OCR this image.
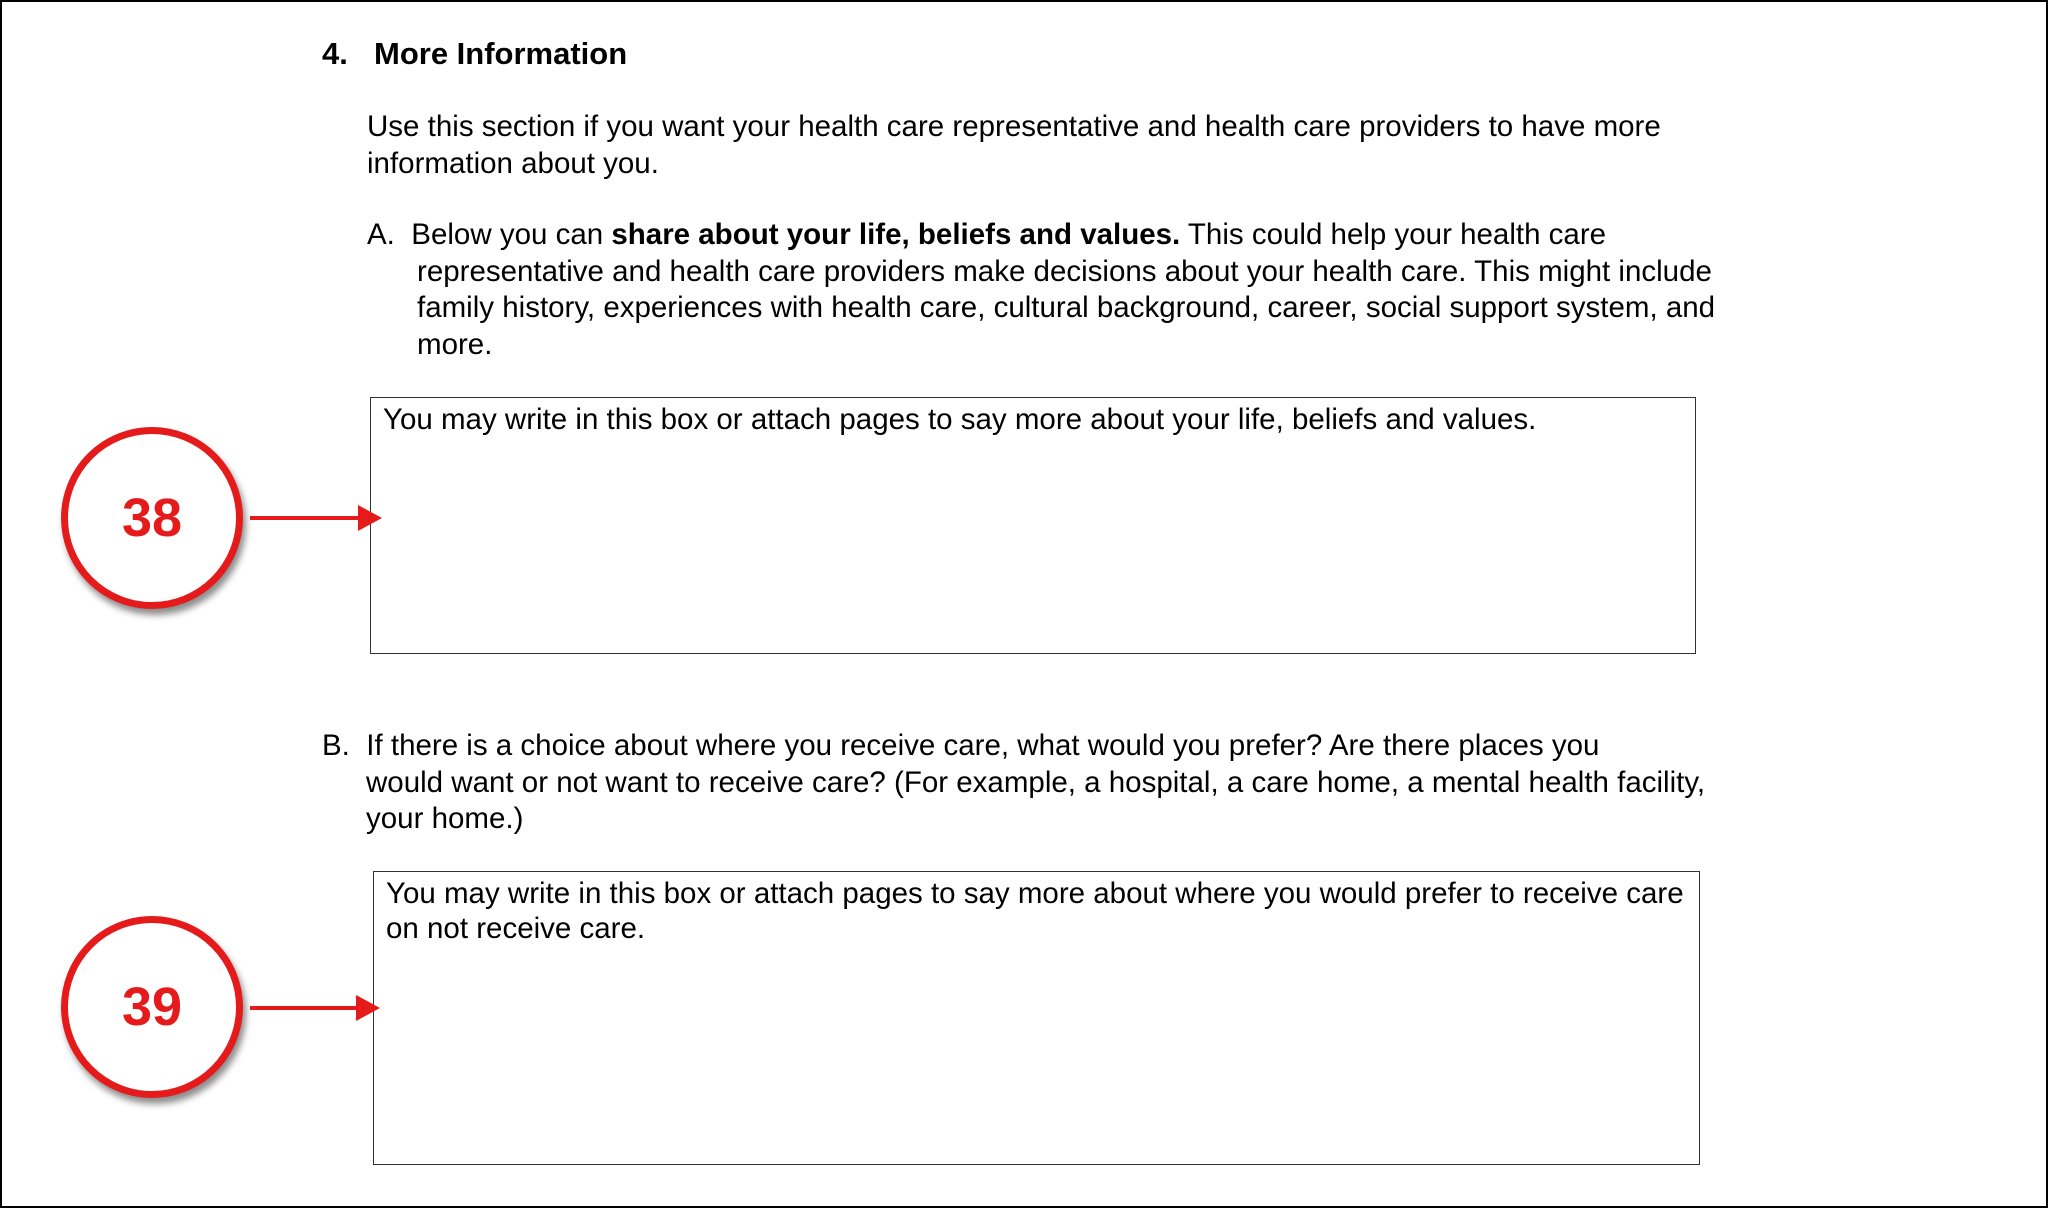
4. More Information
Use this section if you want your health care representative and health care providers to have more information about you.
A. Below you can share about your life, beliefs and values. This could help your health care
representative and health care providers make decisions about your health care. This might include family history, experiences with health care, cultural background, career, social support system, and more.
You may write in this box or attach pages to say more about your life, beliefs and values.
B. If there is a choice about where you receive care, what would you prefer? Are there places you
would want or not want to receive care? (For example, a hospital, a care home, a mental health facility, your home.)
You may write in this box or attach pages to say more about where you would prefer to receive care on not receive care.
38
39
